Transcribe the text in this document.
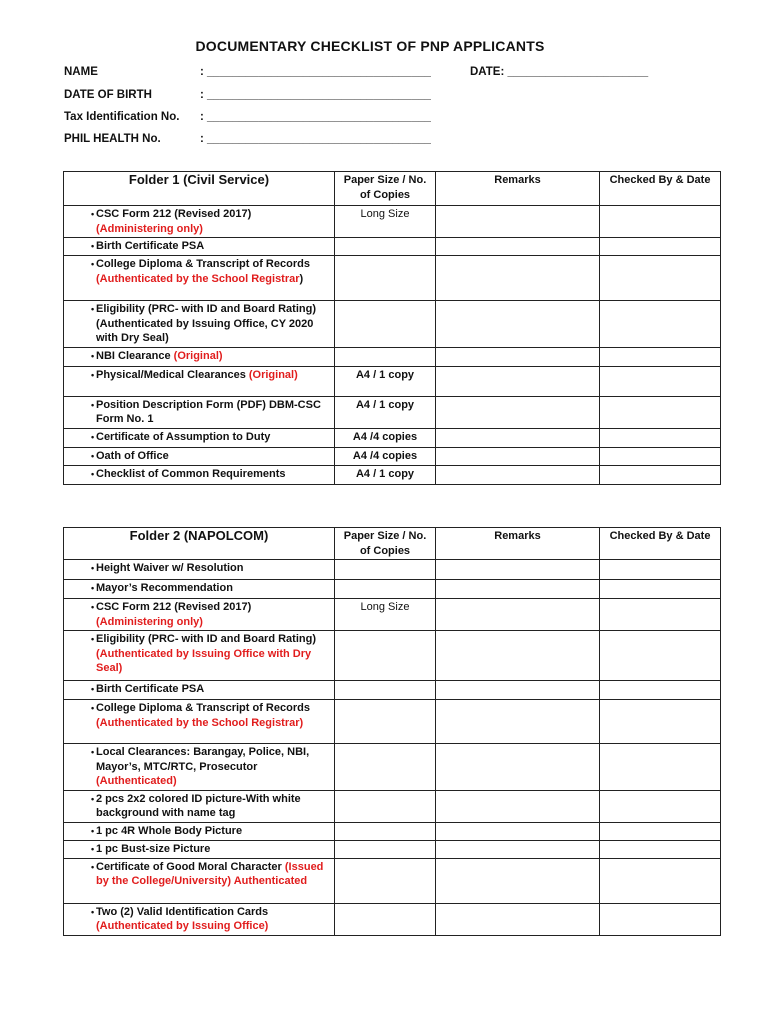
DOCUMENTARY CHECKLIST OF PNP APPLICANTS
NAME	: ___________________________________
DATE OF BIRTH	: ___________________________________
Tax Identification No. : ___________________________________
PHIL HEALTH No.	: ___________________________________
DATE: ______________________
Folder 1 (Civil Service)	Paper Size / No. of Copies	Remarks	Checked By & Date

• CSC Form 212 (Revised 2017) (Administering only)	Long Size		

• Birth Certificate PSA			

• College Diploma & Transcript of Records (Authenticated by the School Registrar)			

• Eligibility (PRC- with ID and Board Rating)(Authenticated by Issuing Office, CY 2020 with Dry Seal)			

• NBI Clearance (Original)			

• Physical/Medical Clearances (Original)	A4 / 1 copy		

• Position Description Form (PDF) DBM-CSC Form No. 1	A4 / 1 copy		

• Certificate of Assumption to Duty	A4 /4 copies		

• Oath of Office	A4 /4 copies		

• Checklist of Common Requirements	A4 / 1 copy		
Folder 2 (NAPOLCOM)	Paper Size / No. of Copies	Remarks	Checked By & Date

• Height Waiver w/ Resolution			

• Mayor’s Recommendation			

• CSC Form 212 (Revised 2017) (Administering only)	Long Size		

• Eligibility (PRC- with ID and Board Rating) (Authenticated by Issuing Office with Dry Seal)			

• Birth Certificate PSA			

• College Diploma & Transcript of Records (Authenticated by the School Registrar)			

• Local Clearances: Barangay, Police, NBI, Mayor’s, MTC/RTC, Prosecutor (Authenticated)			

• 2 pcs 2x2 colored ID picture-With white background with name tag			

• 1 pc 4R Whole Body Picture			

• 1 pc Bust-size Picture			

• Certificate of Good Moral Character (Issued by the College/University) Authenticated			

• Two (2) Valid Identification Cards (Authenticated by Issuing Office)			
